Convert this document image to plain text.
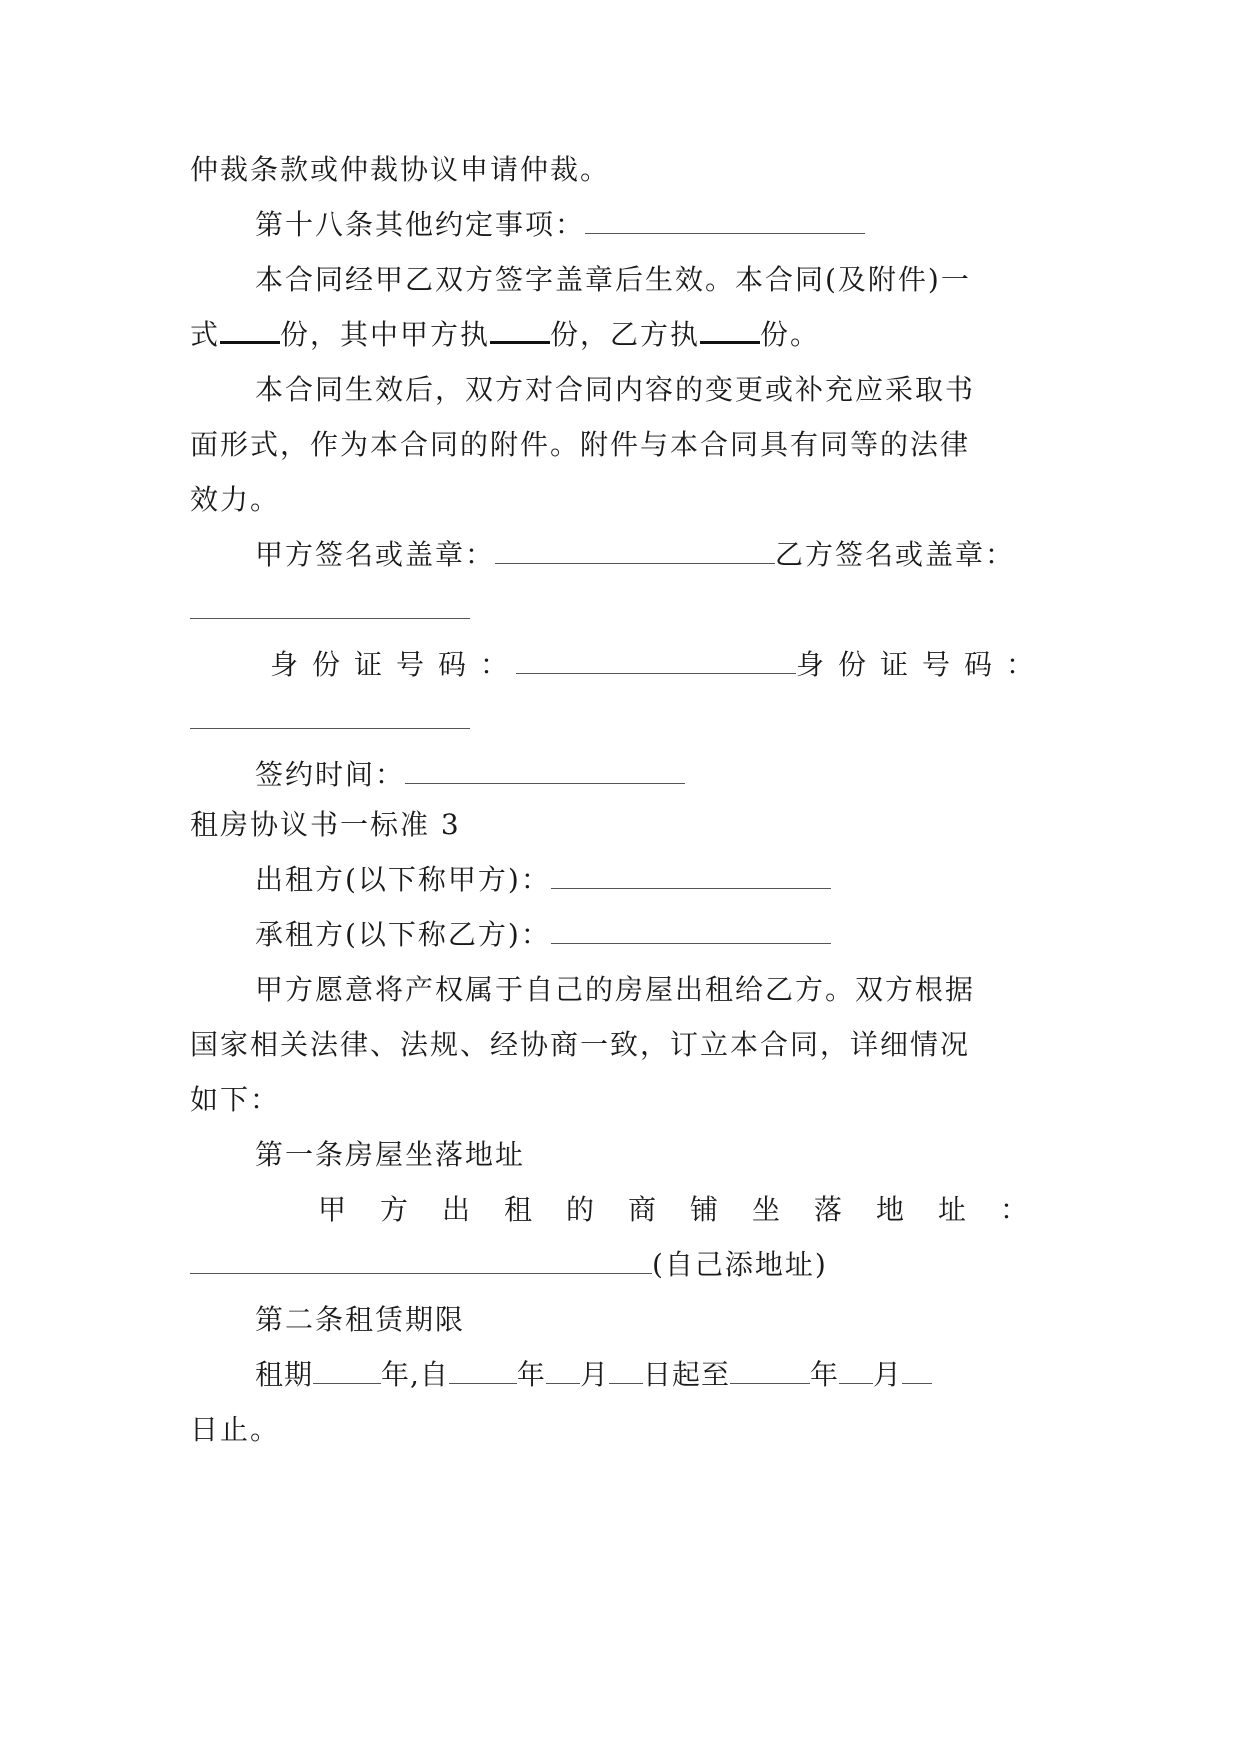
仲裁条款或仲裁协议申请仲裁。
第十八条其他约定事项：
本合同经甲乙双方签字盖章后生效。本合同(及附件)一
式 份，其中甲方执 份，乙方执 份。
本合同生效后，双方对合同内容的变更或补充应采取书
面形式，作为本合同的附件。附件与本合同具有同等的法律
效力。
甲方签名或盖章：	乙方签名或盖章：
身份证号码：	身份证号码：
签约时间：
租房协议书一标准 3
出租方(以下称甲方)：
承租方(以下称乙方)：
甲方愿意将产权属于自己的房屋出租给乙方。双方根据
国家相关法律、法规、经协商一致，订立本合同，详细情况
如下：
第一条房屋坐落地址
甲方出租的商铺坐落地址：
(自己添地址)
第二条租赁期限
租期 年,自 年 月 日起至	年 月
日止。
